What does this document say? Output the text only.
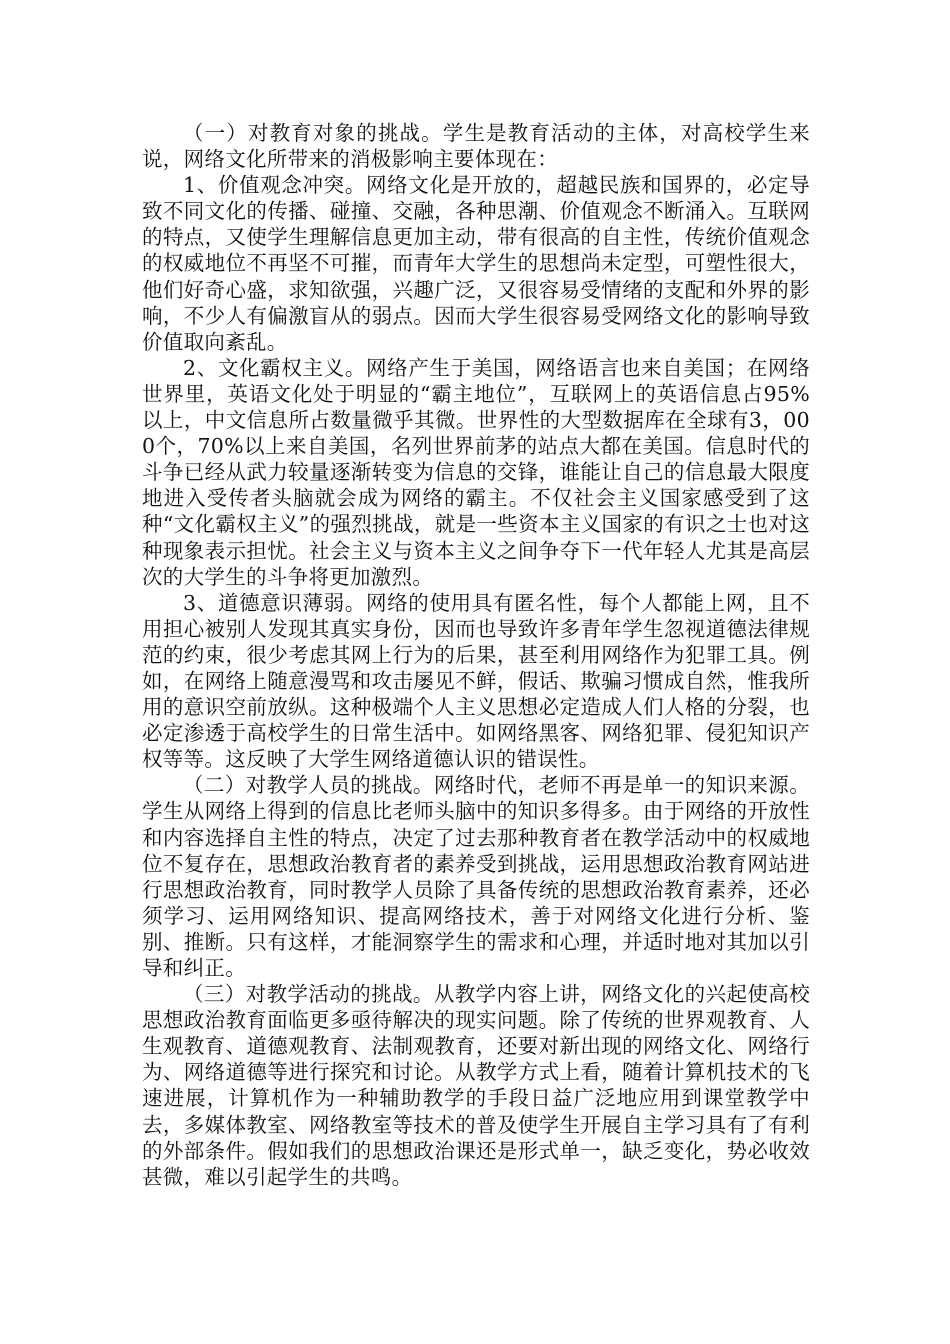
（一）对教育对象的挑战。学生是教育活动的主体，对高校学生来说，网络文化所带来的消极影响主要体现在：

1、价值观念冲突。网络文化是开放的，超越民族和国界的，必定导致不同文化的传播、碰撞、交融，各种思潮、价值观念不断涌入。互联网的特点，又使学生理解信息更加主动，带有很高的自主性，传统价值观念的权威地位不再坚不可摧，而青年大学生的思想尚未定型，可塑性很大，他们好奇心盛，求知欲强，兴趣广泛，又很容易受情绪的支配和外界的影响，不少人有偏激盲从的弱点。因而大学生很容易受网络文化的影响导致价值取向紊乱。

2、文化霸权主义。网络产生于美国，网络语言也来自美国；在网络世界里，英语文化处于明显的“霸主地位”，互联网上的英语信息占95%以上，中文信息所占数量微乎其微。世界性的大型数据库在全球有3，000个，70%以上来自美国，名列世界前茅的站点大都在美国。信息时代的斗争已经从武力较量逐渐转变为信息的交锋，谁能让自己的信息最大限度地进入受传者头脑就会成为网络的霸主。不仅社会主义国家感受到了这种“文化霸权主义”的强烈挑战，就是一些资本主义国家的有识之士也对这种现象表示担忧。社会主义与资本主义之间争夺下一代年轻人尤其是高层次的大学生的斗争将更加激烈。

3、道德意识薄弱。网络的使用具有匿名性，每个人都能上网，且不用担心被别人发现其真实身份，因而也导致许多青年学生忽视道德法律规范的约束，很少考虑其网上行为的后果，甚至利用网络作为犯罪工具。例如，在网络上随意漫骂和攻击屡见不鲜，假话、欺骗习惯成自然，惟我所用的意识空前放纵。这种极端个人主义思想必定造成人们人格的分裂，也必定渗透于高校学生的日常生活中。如网络黑客、网络犯罪、侵犯知识产权等等。这反映了大学生网络道德认识的错误性。

（二）对教学人员的挑战。网络时代，老师不再是单一的知识来源。学生从网络上得到的信息比老师头脑中的知识多得多。由于网络的开放性和内容选择自主性的特点，决定了过去那种教育者在教学活动中的权威地位不复存在，思想政治教育者的素养受到挑战，运用思想政治教育网站进行思想政治教育，同时教学人员除了具备传统的思想政治教育素养，还必须学习、运用网络知识、提高网络技术，善于对网络文化进行分析、鉴别、推断。只有这样，才能洞察学生的需求和心理，并适时地对其加以引导和纠正。

（三）对教学活动的挑战。从教学内容上讲，网络文化的兴起使高校思想政治教育面临更多亟待解决的现实问题。除了传统的世界观教育、人生观教育、道德观教育、法制观教育，还要对新出现的网络文化、网络行为、网络道德等进行探究和讨论。从教学方式上看，随着计算机技术的飞速进展，计算机作为一种辅助教学的手段日益广泛地应用到课堂教学中去，多媒体教室、网络教室等技术的普及使学生开展自主学习具有了有利的外部条件。假如我们的思想政治课还是形式单一，缺乏变化，势必收效甚微，难以引起学生的共鸣。
